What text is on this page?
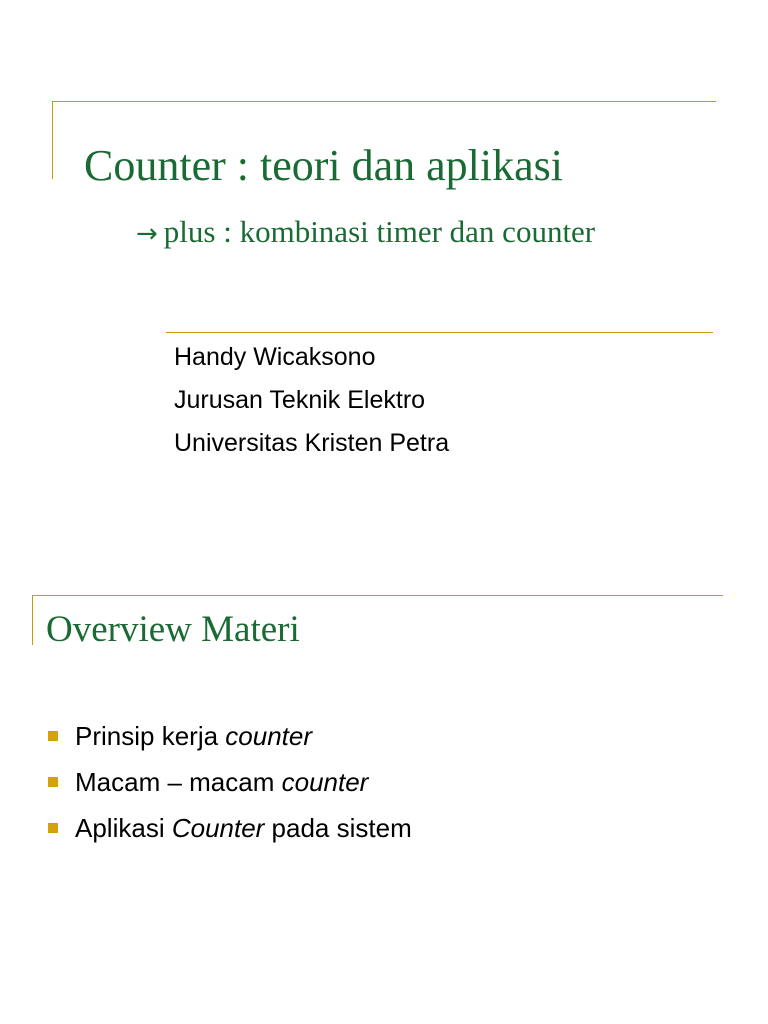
Counter : teori dan aplikasi
→ plus : kombinasi timer dan counter
Handy Wicaksono
Jurusan Teknik Elektro
Universitas Kristen Petra
Overview Materi
Prinsip kerja counter
Macam – macam counter
Aplikasi Counter pada sistem
